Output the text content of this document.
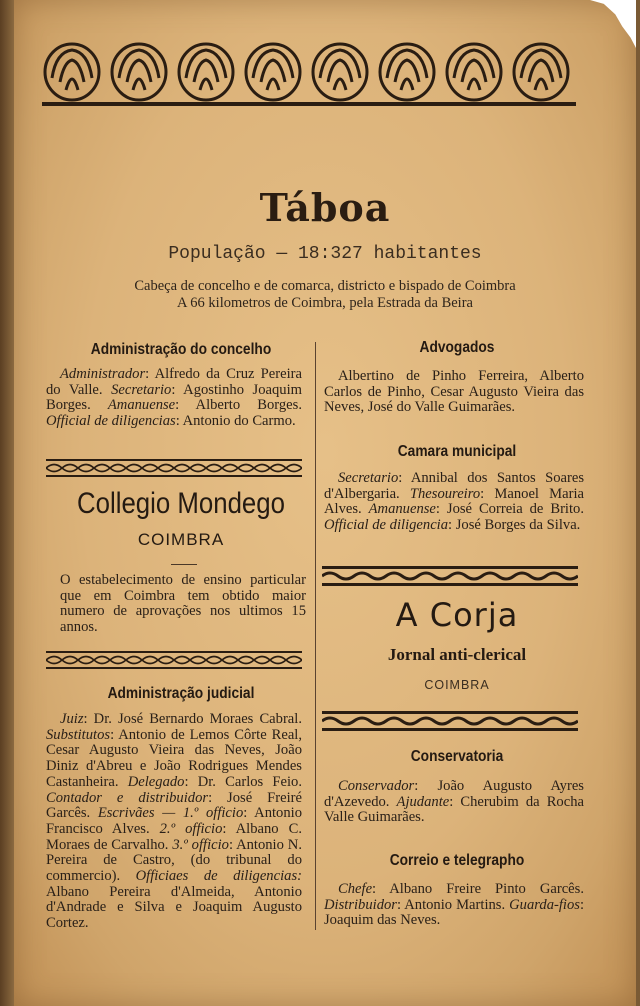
Táboa
População — 18:327 habitantes
Cabeça de concelho e de comarca, districto e bispado de Coimbra
A 66 kilometros de Coimbra, pela Estrada da Beira
Administração do concelho
Administrador: Alfredo da Cruz Pereira do Valle. Secretario: Agostinho Joaquim Borges. Amanuense: Alberto Borges. Official de diligencias: Antonio do Carmo.
Collegio Mondego
COIMBRA
O estabelecimento de ensino particular que em Coimbra tem obtido maior numero de aprovações nos ultimos 15 annos.
Administração judicial
Juiz: Dr. José Bernardo Moraes Cabral. Substitutos: Antonio de Lemos Côrte Real, Cesar Augusto Vieira das Neves, João Diniz d'Abreu e João Rodrigues Mendes Castanheira. Delegado: Dr. Carlos Feio. Contador e distribuidor: José Freiré Garcês. Escrivães — 1.º officio: Antonio Francisco Alves. 2.º officio: Albano C. Moraes de Carvalho. 3.º officio: Antonio N. Pereira de Castro, (do tribunal do commercio). Officiaes de diligencias: Albano Pereira d'Almeida, Antonio d'Andrade e Silva e Joaquim Augusto Cortez.
Advogados
Albertino de Pinho Ferreira, Alberto Carlos de Pinho, Cesar Augusto Vieira das Neves, José do Valle Guimarães.
Camara municipal
Secretario: Annibal dos Santos Soares d'Albergaria. Thesoureiro: Manoel Maria Alves. Amanuense: José Correia de Brito. Official de diligencia: José Borges da Silva.
A Corja
Jornal anti-clerical
COIMBRA
Conservatoria
Conservador: João Augusto Ayres d'Azevedo. Ajudante: Cherubim da Rocha Valle Guimarães.
Correio e telegrapho
Chefe: Albano Freire Pinto Garcês. Distribuidor: Antonio Martins. Guarda-fios: Joaquim das Neves.
